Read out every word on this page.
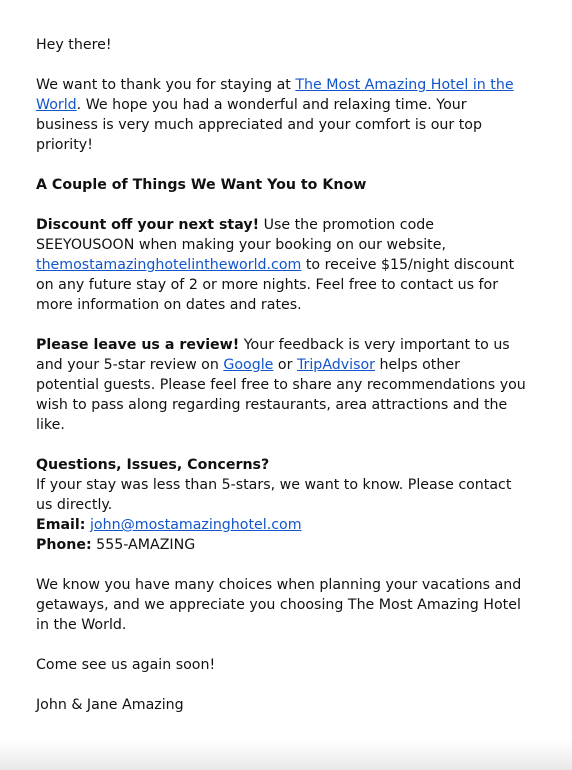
Hey there!

We want to thank you for staying at The Most Amazing Hotel in the World. We hope you had a wonderful and relaxing time. Your business is very much appreciated and your comfort is our top priority!

A Couple of Things We Want You to Know

Discount off your next stay! Use the promotion code SEEYOUSOON when making your booking on our website, themostamazinghotelintheworld.com to receive $15/night discount on any future stay of 2 or more nights. Feel free to contact us for more information on dates and rates.

Please leave us a review! Your feedback is very important to us and your 5-star review on Google or TripAdvisor helps other potential guests. Please feel free to share any recommendations you wish to pass along regarding restaurants, area attractions and the like.

Questions, Issues, Concerns?

If your stay was less than 5-stars, we want to know. Please contact us directly.

Email: john@mostamazinghotel.com

Phone: 555-AMAZING

We know you have many choices when planning your vacations and getaways, and we appreciate you choosing The Most Amazing Hotel in the World.

Come see us again soon!

John & Jane Amazing
